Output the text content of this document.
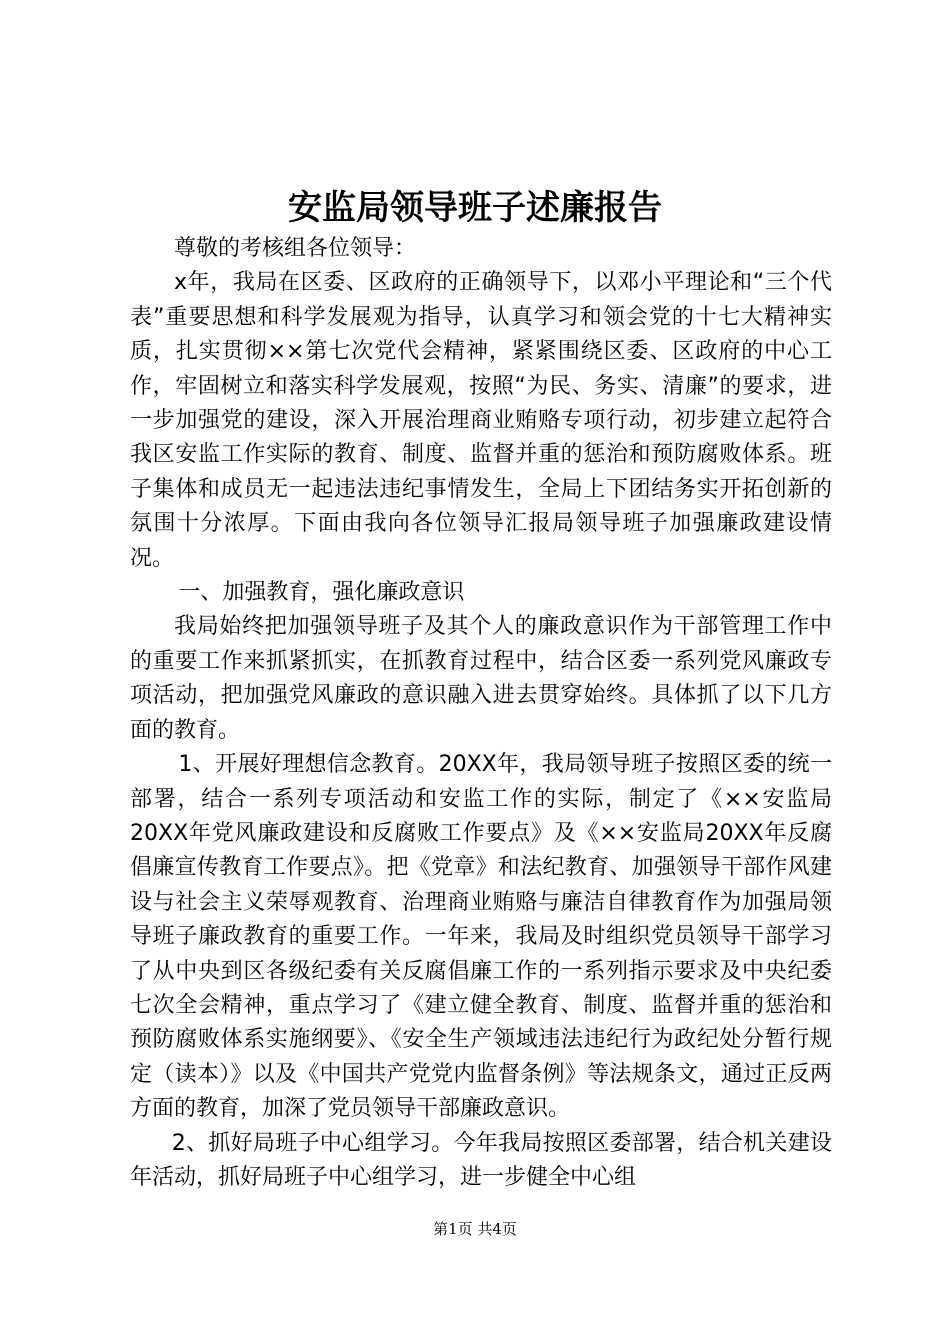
安监局领导班子述廉报告

尊敬的考核组各位领导：

x年，我局在区委、区政府的正确领导下，以邓小平理论和“三个代表”重要思想和科学发展观为指导，认真学习和领会党的十七大精神实质，扎实贯彻××第七次党代会精神，紧紧围绕区委、区政府的中心工作，牢固树立和落实科学发展观，按照“为民、务实、清廉”的要求，进一步加强党的建设，深入开展治理商业贿赂专项行动，初步建立起符合我区安监工作实际的教育、制度、监督并重的惩治和预防腐败体系。班子集体和成员无一起违法违纪事情发生，全局上下团结务实开拓创新的氛围十分浓厚。下面由我向各位领导汇报局领导班子加强廉政建设情况。

一、加强教育，强化廉政意识

我局始终把加强领导班子及其个人的廉政意识作为干部管理工作中的重要工作来抓紧抓实，在抓教育过程中，结合区委一系列党风廉政专项活动，把加强党风廉政的意识融入进去贯穿始终。具体抓了以下几方面的教育。

1、开展好理想信念教育。20XX年，我局领导班子按照区委的统一部署，结合一系列专项活动和安监工作的实际，制定了《××安监局20XX年党风廉政建设和反腐败工作要点》及《××安监局20XX年反腐倡廉宣传教育工作要点》。把《党章》和法纪教育、加强领导干部作风建设与社会主义荣辱观教育、治理商业贿赂与廉洁自律教育作为加强局领导班子廉政教育的重要工作。一年来，我局及时组织党员领导干部学习了从中央到区各级纪委有关反腐倡廉工作的一系列指示要求及中央纪委七次全会精神，重点学习了《建立健全教育、制度、监督并重的惩治和预防腐败体系实施纲要》、《安全生产领域违法违纪行为政纪处分暂行规定（读本）》以及《中国共产党党内监督条例》等法规条文，通过正反两方面的教育，加深了党员领导干部廉政意识。

2、抓好局班子中心组学习。今年我局按照区委部署，结合机关建设年活动，抓好局班子中心组学习，进一步健全中心组

第1页 共4页
